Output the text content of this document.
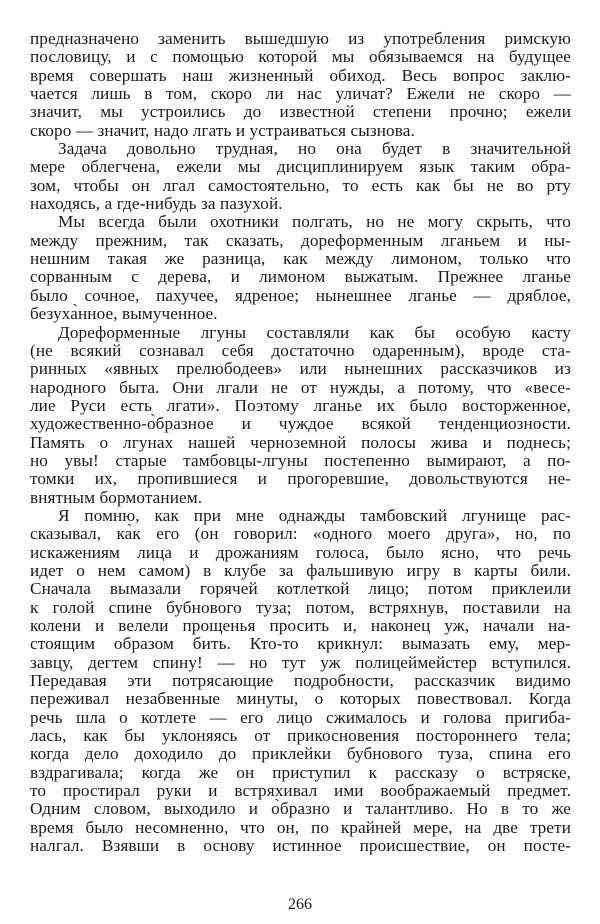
предназначено заменить вышедшую из употребления римскую
пословицу, и с помощью которой мы обязываемся на будущее
время совершать наш жизненный обиход. Весь вопрос заклю-
чается лишь в том, скоро ли нас уличат? Ежели не скоро —
значит, мы устроились до известной степени прочно; ежели
скоро — значит, надо лгать и устраиваться сызнова.
Задача довольно трудная, но она будет в значительной
мере облегчена, ежели мы дисциплинируем язык таким обра-
зом, чтобы он лгал самостоятельно, то есть как бы не во рту
находясь, а где-нибудь за пазухой.
Мы всегда были охотники полгать, но не могу скрыть, что
между прежним, так сказать, дореформенным лганьем и ны-
нешним такая же разница, как между лимоном, только что
сорванным с дерева, и лимоном выжатым. Прежнее лганье
было сочное, пахучее, ядреное; нынешнее лганье — дряблое,
безуха̀нное, вымученное.
Дореформенные лгуны составляли как бы особую касту
(не всякий сознавал себя достаточно одаренным), вроде ста-
ринных «явных прелюбодеев» или нынешних рассказчиков из
народного быта. Они лгали не от нужды, а потому, что «весе-
лие Руси есть лгати». Поэтому лганье их было восторженное,
художественно-о̀бразное и чуждое всякой тенденциозности.
Память о лгунах нашей черноземной полосы жива и поднесь;
но увы! старые тамбовцы-лгуны постепенно вымирают, а по-
томки их, пропившиеся и прогоревшие, довольствуются не-
внятным бормотанием.
Я помню, как при мне однажды тамбовский лгунище рас-
сказывал, ка̀к его (он говорил: «одного моего друга», но, по
искажениям лица и дрожаниям голоса, было ясно, что речь
идет о нем самом) в клубе за фальшивую игру в карты били.
Сначала вымазали горячей котлеткой лицо; потом приклеили
к голой спине бубнового туза; потом, встряхнув, поставили на
колени и велели прощенья просить и, наконец уж, начали на-
стоящим образом бить. Кто-то крикнул: вымазать ему, мер-
завцу, дегтем спину! — но тут уж полицеймейстер вступился.
Передавая эти потрясающие подробности, рассказчик видимо
переживал незабвенные минуты, о которых повествовал. Когда
речь шла о котлете — его лицо сжималось и голова пригиба-
лась, как бы уклоняясь от прикосновения постороннего тела;
когда дело доходило до приклейки бубнового туза, спина его
вздрагивала; когда же он приступил к рассказу о встряске,
то простирал руки и встряхивал ими воображаемый предмет.
Одним словом, выходило и о̀бразно и талантливо. Но в то же
время было несомненно, что он, по крайней мере, на две трети
налгал. Взявши в основу истинное происшествие, он посте-
266
